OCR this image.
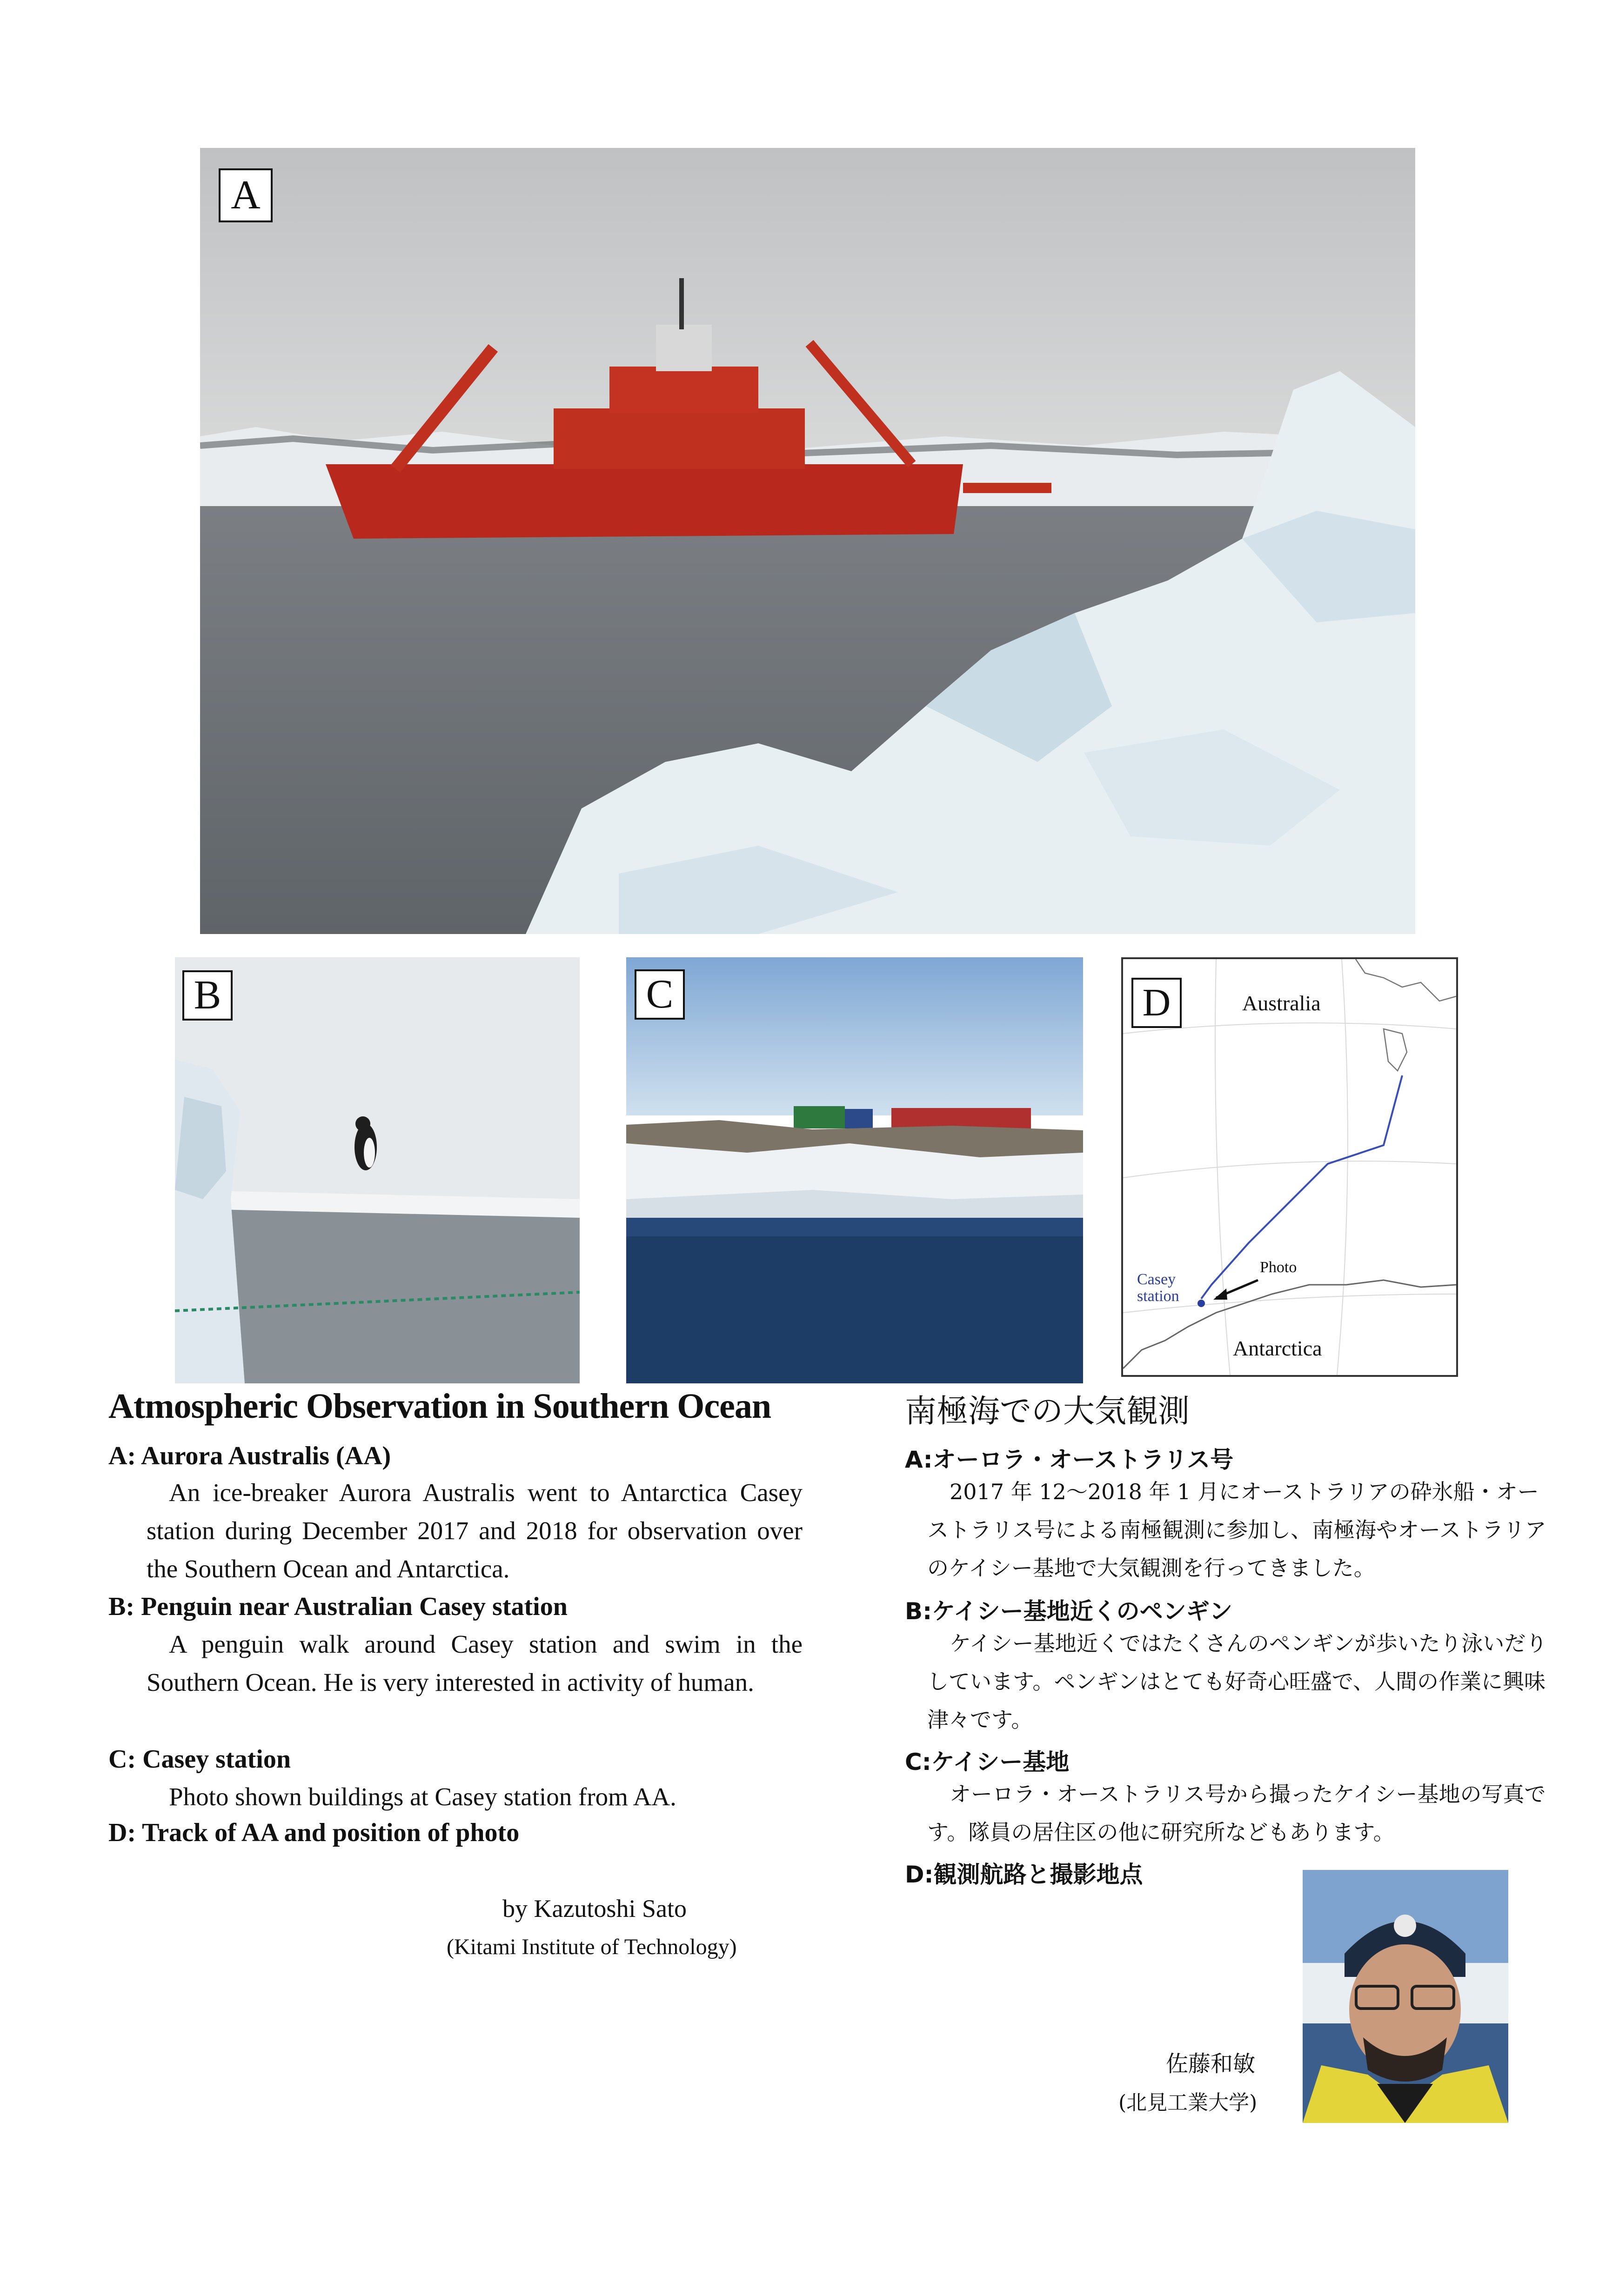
A
B	C	D	Australia
Antarctica
Casey
station
Photo
Atmospheric Observation in Southern Ocean
A: Aurora Australis (AA)
An ice-breaker Aurora Australis went to Antarctica Casey station during December 2017 and 2018 for observation over the Southern Ocean and Antarctica.
B: Penguin near Australian Casey station
A penguin walk around Casey station and swim in the Southern Ocean. He is very interested in activity of human.
C: Casey station
Photo shown buildings at Casey station from AA.
D: Track of AA and position of photo
by Kazutoshi Sato
(Kitami Institute of Technology)
南極海での大気観測
A:オーロラ・オーストラリス号
2017 年 12～2018 年 1 月にオーストラリアの砕氷船・オーストラリス号による南極観測に参加し、南極海やオーストラリアのケイシー基地で大気観測を行ってきました。
B:ケイシー基地近くのペンギン
ケイシー基地近くではたくさんのペンギンが歩いたり泳いだりしています。ペンギンはとても好奇心旺盛で、人間の作業に興味津々です。
C:ケイシー基地
オーロラ・オーストラリス号から撮ったケイシー基地の写真です。隊員の居住区の他に研究所などもあります。
D:観測航路と撮影地点
佐藤和敏
(北見工業大学)
